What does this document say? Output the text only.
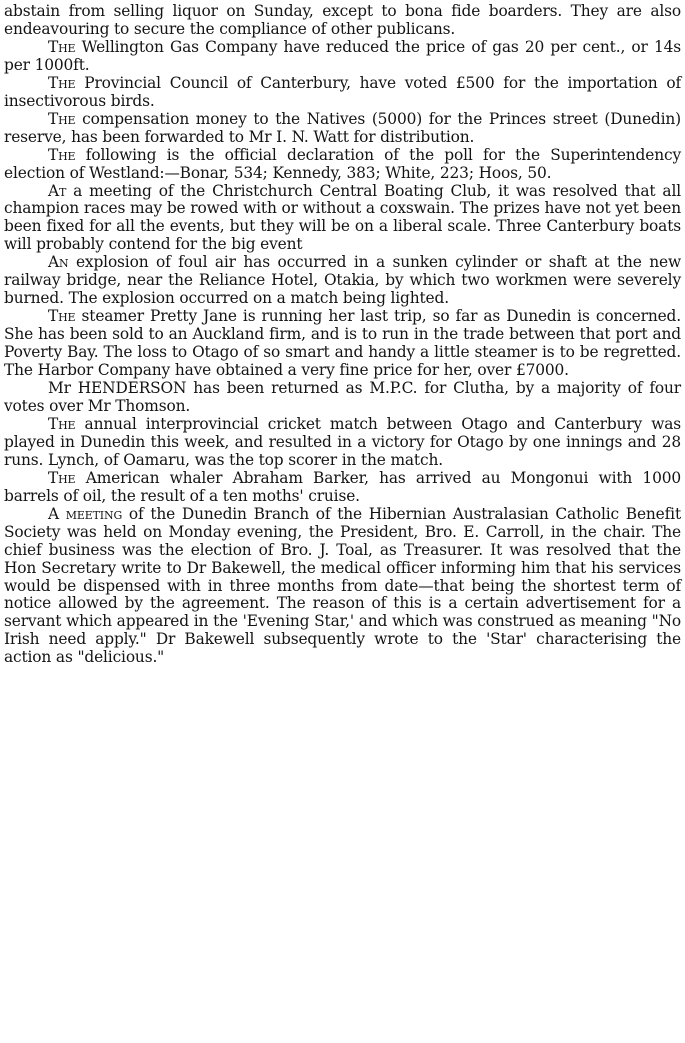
abstain from selling liquor on Sunday, except to bona fide boarders. They are also endeavouring to secure the compliance of other publicans.

The Wellington Gas Company have reduced the price of gas 20 per cent., or 14s per 1000ft.

The Provincial Council of Canterbury, have voted £500 for the importation of insectivorous birds.

The compensation money to the Natives (5000) for the Princes street (Dunedin) reserve, has been forwarded to Mr I. N. Watt for distribution.

The following is the official declaration of the poll for the Superintendency election of Westland:—Bonar, 534; Kennedy, 383; White, 223; Hoos, 50.

At a meeting of the Christchurch Central Boating Club, it was resolved that all champion races may be rowed with or without a coxswain. The prizes have not yet been been fixed for all the events, but they will be on a liberal scale. Three Canterbury boats will probably contend for the big event

An explosion of foul air has occurred in a sunken cylinder or shaft at the new railway bridge, near the Reliance Hotel, Otakia, by which two workmen were severely burned. The explosion occurred on a match being lighted.

The steamer Pretty Jane is running her last trip, so far as Dunedin is concerned. She has been sold to an Auckland firm, and is to run in the trade between that port and Poverty Bay. The loss to Otago of so smart and handy a little steamer is to be regretted. The Harbor Company have obtained a very fine price for her, over £7000.

Mr HENDERSON has been returned as M.P.C. for Clutha, by a majority of four votes over Mr Thomson.

The annual interprovincial cricket match between Otago and Canterbury was played in Dunedin this week, and resulted in a victory for Otago by one innings and 28 runs. Lynch, of Oamaru, was the top scorer in the match.

The American whaler Abraham Barker, has arrived au Mongonui with 1000 barrels of oil, the result of a ten moths' cruise.

A meeting of the Dunedin Branch of the Hibernian Australasian Catholic Benefit Society was held on Monday evening, the President, Bro. E. Carroll, in the chair. The chief business was the election of Bro. J. Toal, as Treasurer. It was resolved that the Hon Secretary write to Dr Bakewell, the medical officer informing him that his services would be dispensed with in three months from date—that being the shortest term of notice allowed by the agreement. The reason of this is a certain advertisement for a servant which appeared in the 'Evening Star,' and which was construed as meaning "No Irish need apply." Dr Bakewell subsequently wrote to the 'Star' characterising the action as "delicious."
